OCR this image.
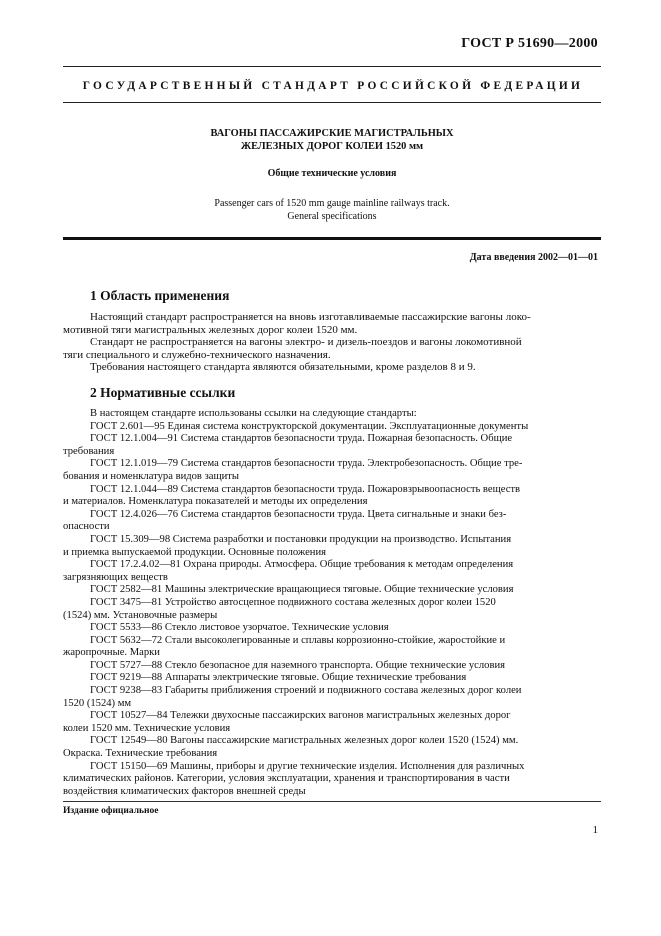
ГОСТ Р 51690—2000
ГОСУДАРСТВЕННЫЙ СТАНДАРТ РОССИЙСКОЙ ФЕДЕРАЦИИ
ВАГОНЫ ПАССАЖИРСКИЕ МАГИСТРАЛЬНЫХ
ЖЕЛЕЗНЫХ ДОРОГ КОЛЕИ 1520 мм
Общие технические условия
Passenger cars of 1520 mm gauge mainline railways track.
General specifications
Дата введения 2002—01—01
1 Область применения
Настоящий стандарт распространяется на вновь изготавливаемые пассажирские вагоны локо-
мотивной тяги магистральных железных дорог колеи 1520 мм.
Стандарт не распространяется на вагоны электро- и дизель-поездов и вагоны локомотивной
тяги специального и служебно-технического назначения.
Требования настоящего стандарта являются обязательными, кроме разделов 8 и 9.
2 Нормативные ссылки
В настоящем стандарте использованы ссылки на следующие стандарты:
ГОСТ 2.601—95 Единая система конструкторской документации. Эксплуатационные документы
ГОСТ 12.1.004—91 Система стандартов безопасности труда. Пожарная безопасность. Общие
требования
ГОСТ 12.1.019—79 Система стандартов безопасности труда. Электробезопасность. Общие тре-
бования и номенклатура видов защиты
ГОСТ 12.1.044—89 Система стандартов безопасности труда. Пожаровзрывоопасность веществ
и материалов. Номенклатура показателей и методы их определения
ГОСТ 12.4.026—76 Система стандартов безопасности труда. Цвета сигнальные и знаки без-
опасности
ГОСТ 15.309—98 Система разработки и постановки продукции на производство. Испытания
и приемка выпускаемой продукции. Основные положения
ГОСТ 17.2.4.02—81 Охрана природы. Атмосфера. Общие требования к методам определения
загрязняющих веществ
ГОСТ 2582—81 Машины электрические вращающиеся тяговые. Общие технические условия
ГОСТ 3475—81 Устройство автосцепное подвижного состава железных дорог колеи 1520
(1524) мм. Установочные размеры
ГОСТ 5533—86 Стекло листовое узорчатое. Технические условия
ГОСТ 5632—72 Стали высоколегированные и сплавы коррозионно-стойкие, жаростойкие и
жаропрочные. Марки
ГОСТ 5727—88 Стекло безопасное для наземного транспорта. Общие технические условия
ГОСТ 9219—88 Аппараты электрические тяговые. Общие технические требования
ГОСТ 9238—83 Габариты приближения строений и подвижного состава железных дорог колеи
1520 (1524) мм
ГОСТ 10527—84 Тележки двухосные пассажирских вагонов магистральных железных дорог
колеи 1520 мм. Технические условия
ГОСТ 12549—80 Вагоны пассажирские магистральных железных дорог колеи 1520 (1524) мм.
Окраска. Технические требования
ГОСТ 15150—69 Машины, приборы и другие технические изделия. Исполнения для различных
климатических районов. Категории, условия эксплуатации, хранения и транспортирования в части
воздействия климатических факторов внешней среды
Издание официальное
1
